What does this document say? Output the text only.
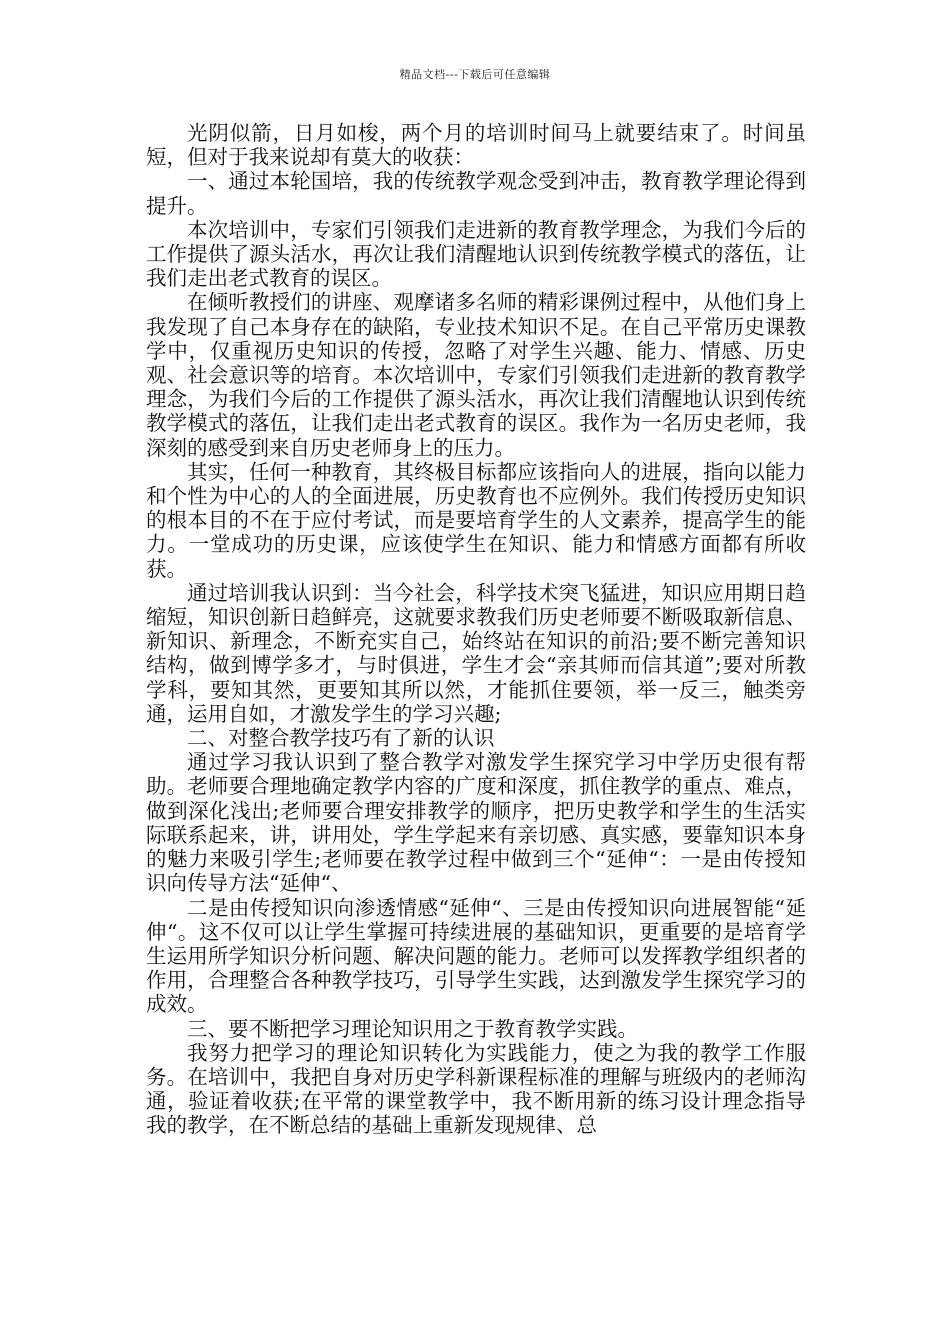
精品文档---下载后可任意编辑

光阴似箭，日月如梭，两个月的培训时间马上就要结束了。时间虽短，但对于我来说却有莫大的收获：

一、通过本轮国培，我的传统教学观念受到冲击，教育教学理论得到提升。

本次培训中，专家们引领我们走进新的教育教学理念，为我们今后的工作提供了源头活水，再次让我们清醒地认识到传统教学模式的落伍，让我们走出老式教育的误区。

在倾听教授们的讲座、观摩诸多名师的精彩课例过程中，从他们身上我发现了自己本身存在的缺陷，专业技术知识不足。在自己平常历史课教学中，仅重视历史知识的传授，忽略了对学生兴趣、能力、情感、历史观、社会意识等的培育。本次培训中，专家们引领我们走进新的教育教学理念，为我们今后的工作提供了源头活水，再次让我们清醒地认识到传统教学模式的落伍，让我们走出老式教育的误区。我作为一名历史老师，我深刻的感受到来自历史老师身上的压力。

其实，任何一种教育，其终极目标都应该指向人的进展，指向以能力和个性为中心的人的全面进展，历史教育也不应例外。我们传授历史知识的根本目的不在于应付考试，而是要培育学生的人文素养，提高学生的能力。一堂成功的历史课，应该使学生在知识、能力和情感方面都有所收获。

通过培训我认识到：当今社会，科学技术突飞猛进，知识应用期日趋缩短，知识创新日趋鲜亮，这就要求教我们历史老师要不断吸取新信息、新知识、新理念，不断充实自己，始终站在知识的前沿;要不断完善知识结构，做到博学多才，与时俱进，学生才会“亲其师而信其道”;要对所教学科，要知其然，更要知其所以然，才能抓住要领，举一反三，触类旁通，运用自如，才激发学生的学习兴趣;

二、对整合教学技巧有了新的认识

通过学习我认识到了整合教学对激发学生探究学习中学历史很有帮助。老师要合理地确定教学内容的广度和深度，抓住教学的重点、难点，做到深化浅出;老师要合理安排教学的顺序，把历史教学和学生的生活实际联系起来，讲，讲用处，学生学起来有亲切感、真实感，要靠知识本身的魅力来吸引学生;老师要在教学过程中做到三个“延伸“：一是由传授知识向传导方法“延伸“、

二是由传授知识向渗透情感“延伸“、三是由传授知识向进展智能“延伸“。这不仅可以让学生掌握可持续进展的基础知识，更重要的是培育学生运用所学知识分析问题、解决问题的能力。老师可以发挥教学组织者的作用，合理整合各种教学技巧，引导学生实践，达到激发学生探究学习的成效。

三、要不断把学习理论知识用之于教育教学实践。

我努力把学习的理论知识转化为实践能力，使之为我的教学工作服务。在培训中，我把自身对历史学科新课程标准的理解与班级内的老师沟通，验证着收获;在平常的课堂教学中，我不断用新的练习设计理念指导我的教学，在不断总结的基础上重新发现规律、总
